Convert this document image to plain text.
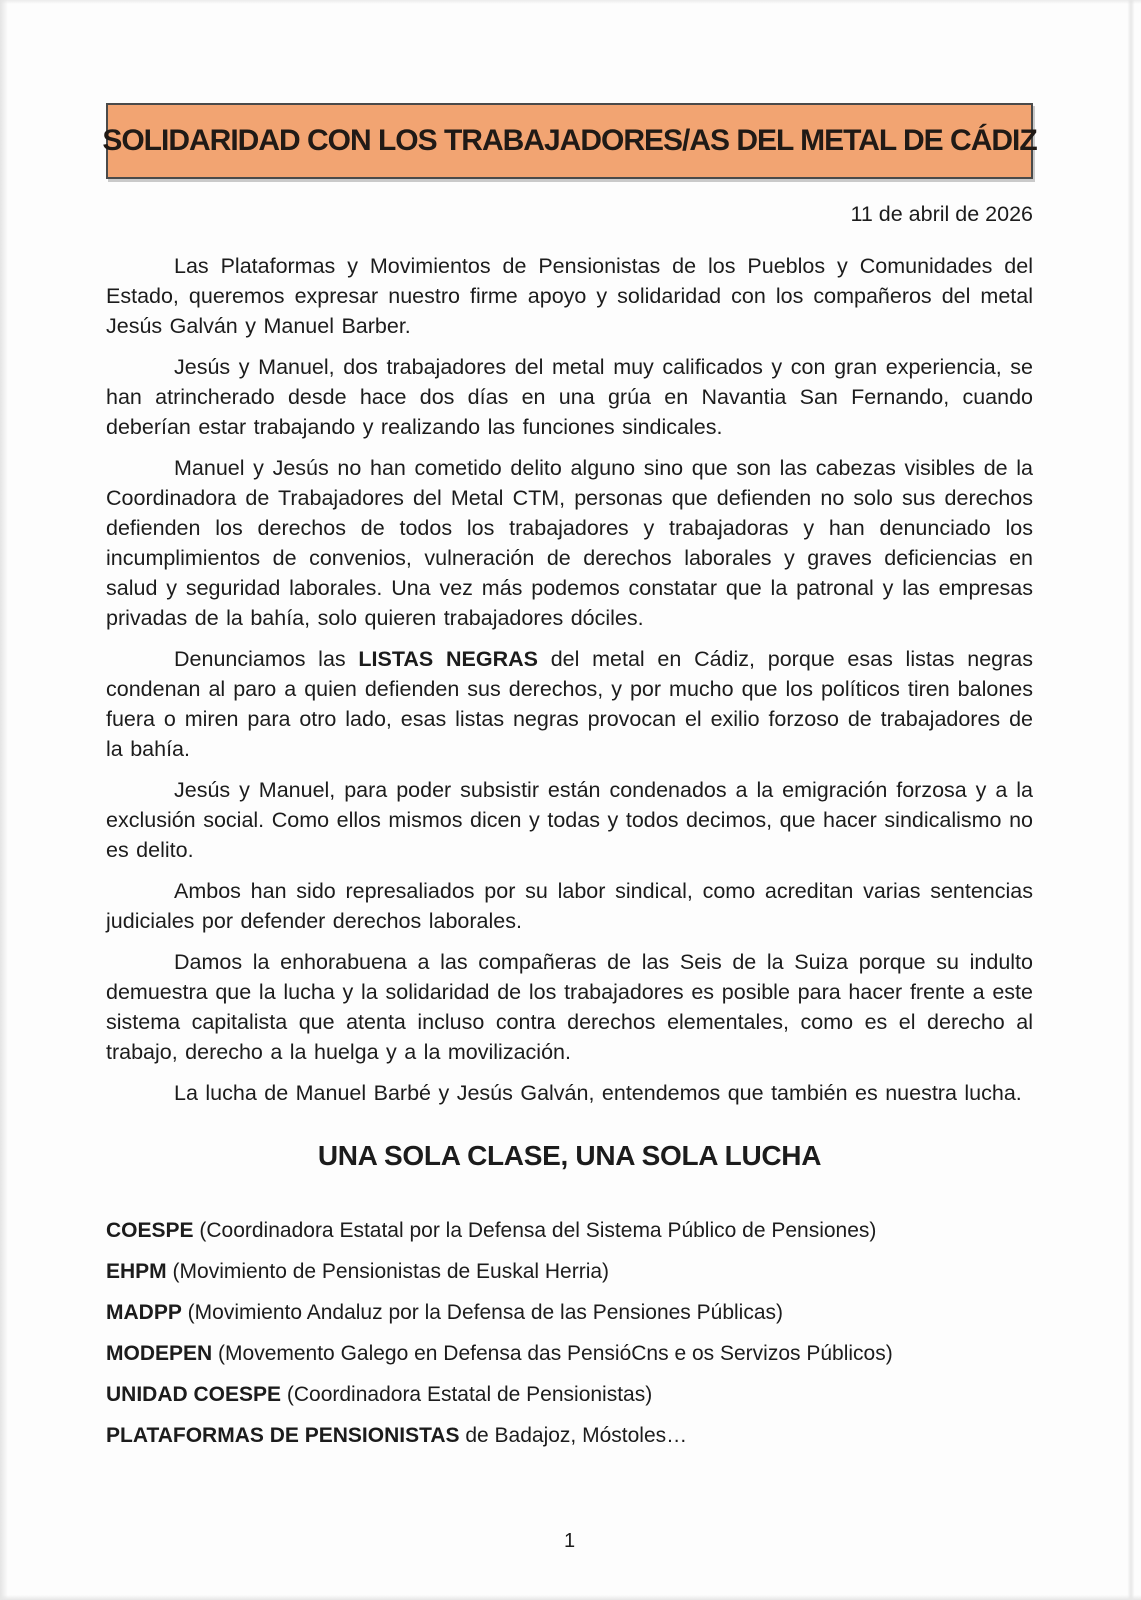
SOLIDARIDAD CON LOS TRABAJADORES/AS DEL METAL DE CÁDIZ
11 de abril de 2026

Las Plataformas y Movimientos de Pensionistas de los Pueblos y Comunidades del Estado, queremos expresar nuestro firme apoyo y solidaridad con los compañeros del metal Jesús Galván y Manuel Barber.

Jesús y Manuel, dos trabajadores del metal muy calificados y con gran experiencia, se han atrincherado desde hace dos días en una grúa en Navantia San Fernando, cuando deberían estar trabajando y realizando las funciones sindicales.

Manuel y Jesús no han cometido delito alguno sino que son las cabezas visibles de la Coordinadora de Trabajadores del Metal CTM, personas que defienden no solo sus derechos defienden los derechos de todos los trabajadores y trabajadoras y han denunciado los incumplimientos de convenios, vulneración de derechos laborales y graves deficiencias en salud y seguridad laborales. Una vez más podemos constatar que la patronal y las empresas privadas de la bahía, solo quieren trabajadores dóciles.

Denunciamos las LISTAS NEGRAS del metal en Cádiz, porque esas listas negras condenan al paro a quien defienden sus derechos, y por mucho que los políticos tiren balones fuera o miren para otro lado, esas listas negras provocan el exilio forzoso de trabajadores de la bahía.

Jesús y Manuel, para poder subsistir están condenados a la emigración forzosa y a la exclusión social. Como ellos mismos dicen y todas y todos decimos, que hacer sindicalismo no es delito.

Ambos han sido represaliados por su labor sindical, como acreditan varias sentencias judiciales por defender derechos laborales.

Damos la enhorabuena a las compañeras de las Seis de la Suiza porque su indulto demuestra que la lucha y la solidaridad de los trabajadores es posible para hacer frente a este sistema capitalista que atenta incluso contra derechos elementales, como es el derecho al trabajo, derecho a la huelga y a la movilización.

La lucha de Manuel Barbé y Jesús Galván, entendemos que también es nuestra lucha.

UNA SOLA CLASE, UNA SOLA LUCHA
COESPE (Coordinadora Estatal por la Defensa del Sistema Público de Pensiones)
EHPM (Movimiento de Pensionistas de Euskal Herria)
MADPP (Movimiento Andaluz por la Defensa de las Pensiones Públicas)
MODEPEN (Movemento Galego en Defensa das PensióCns e os Servizos Públicos)
UNIDAD COESPE (Coordinadora Estatal de Pensionistas)
PLATAFORMAS DE PENSIONISTAS de Badajoz, Móstoles…
1
